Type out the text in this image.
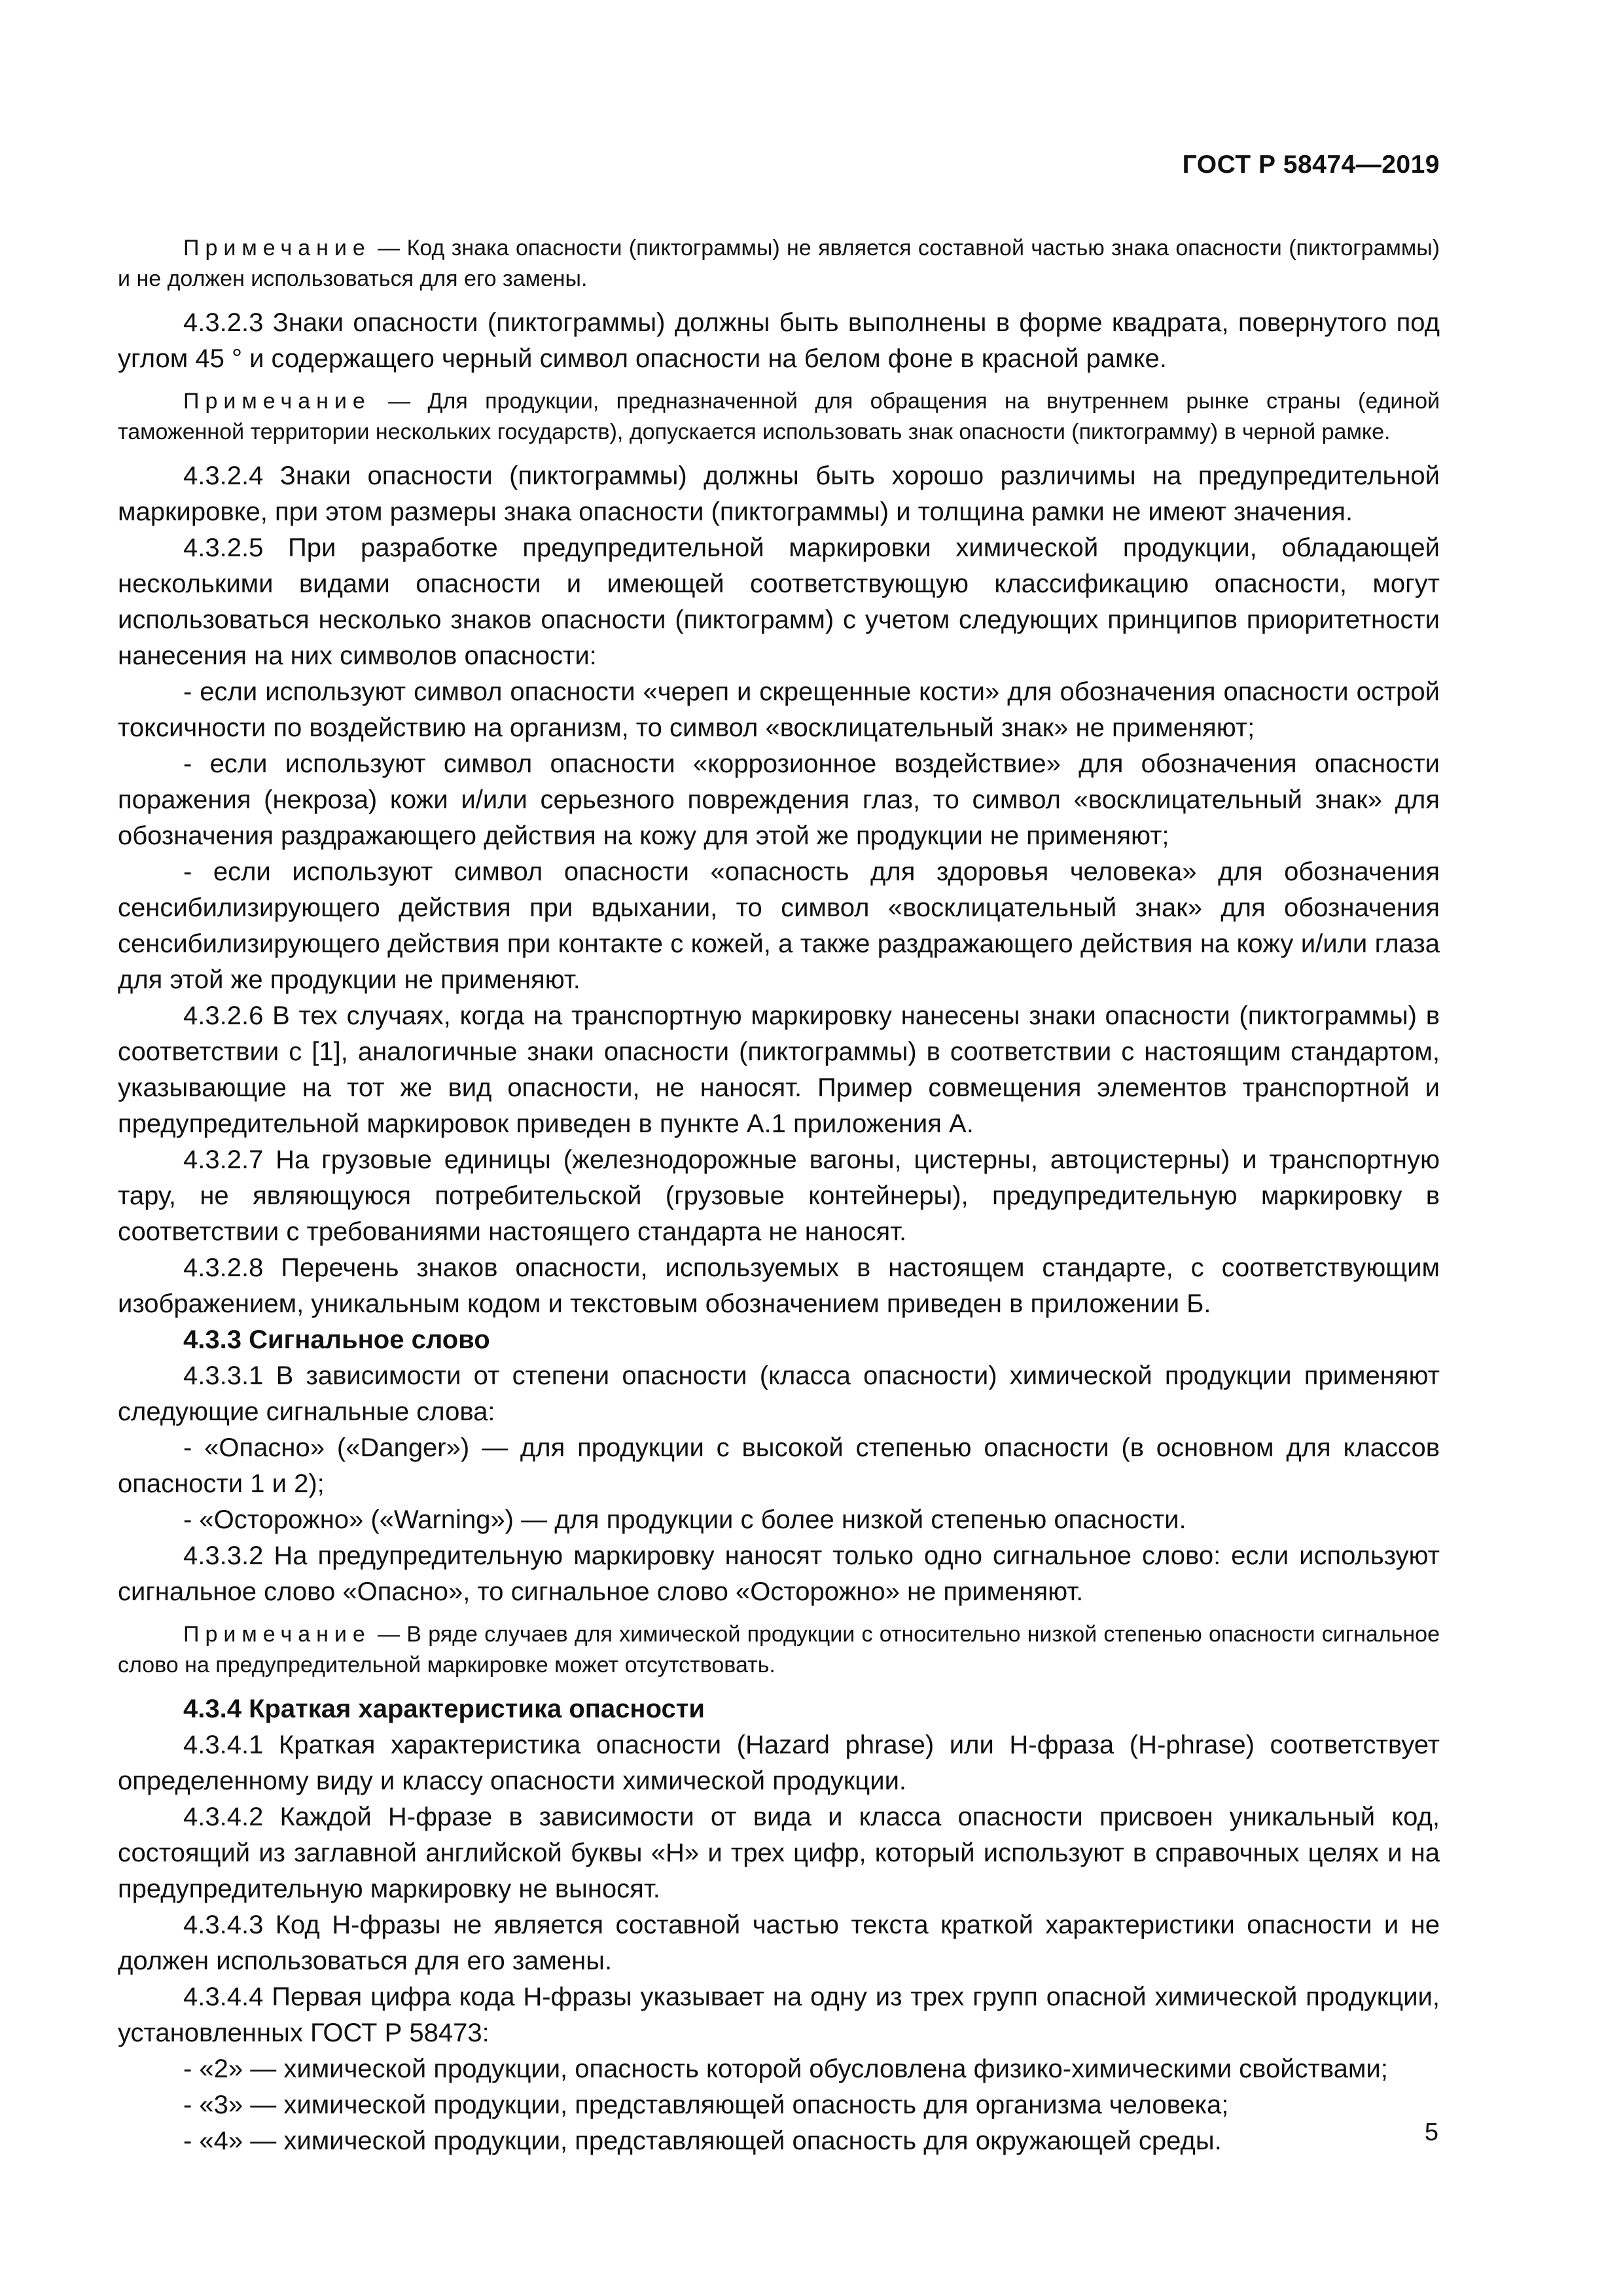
ГОСТ Р 58474—2019

Примечание — Код знака опасности (пиктограммы) не является составной частью знака опасности (пиктограммы) и не должен использоваться для его замены.

4.3.2.3 Знаки опасности (пиктограммы) должны быть выполнены в форме квадрата, повернутого под углом 45 ° и содержащего черный символ опасности на белом фоне в красной рамке.

Примечание — Для продукции, предназначенной для обращения на внутреннем рынке страны (единой таможенной территории нескольких государств), допускается использовать знак опасности (пиктограмму) в черной рамке.

4.3.2.4 Знаки опасности (пиктограммы) должны быть хорошо различимы на предупредительной маркировке, при этом размеры знака опасности (пиктограммы) и толщина рамки не имеют значения.

4.3.2.5 При разработке предупредительной маркировки химической продукции, обладающей несколькими видами опасности и имеющей соответствующую классификацию опасности, могут использоваться несколько знаков опасности (пиктограмм) с учетом следующих принципов приоритетности нанесения на них символов опасности:

- если используют символ опасности «череп и скрещенные кости» для обозначения опасности острой токсичности по воздействию на организм, то символ «восклицательный знак» не применяют;

- если используют символ опасности «коррозионное воздействие» для обозначения опасности поражения (некроза) кожи и/или серьезного повреждения глаз, то символ «восклицательный знак» для обозначения раздражающего действия на кожу для этой же продукции не применяют;

- если используют символ опасности «опасность для здоровья человека» для обозначения сенсибилизирующего действия при вдыхании, то символ «восклицательный знак» для обозначения сенсибилизирующего действия при контакте с кожей, а также раздражающего действия на кожу и/или глаза для этой же продукции не применяют.

4.3.2.6 В тех случаях, когда на транспортную маркировку нанесены знаки опасности (пиктограммы) в соответствии с [1], аналогичные знаки опасности (пиктограммы) в соответствии с настоящим стандартом, указывающие на тот же вид опасности, не наносят. Пример совмещения элементов транспортной и предупредительной маркировок приведен в пункте А.1 приложения А.

4.3.2.7 На грузовые единицы (железнодорожные вагоны, цистерны, автоцистерны) и транспортную тару, не являющуюся потребительской (грузовые контейнеры), предупредительную маркировку в соответствии с требованиями настоящего стандарта не наносят.

4.3.2.8 Перечень знаков опасности, используемых в настоящем стандарте, с соответствующим изображением, уникальным кодом и текстовым обозначением приведен в приложении Б.

4.3.3 Сигнальное слово

4.3.3.1 В зависимости от степени опасности (класса опасности) химической продукции применяют следующие сигнальные слова:

- «Опасно» («Danger») — для продукции с высокой степенью опасности (в основном для классов опасности 1 и 2);

- «Осторожно» («Warning») — для продукции с более низкой степенью опасности.

4.3.3.2 На предупредительную маркировку наносят только одно сигнальное слово: если используют сигнальное слово «Опасно», то сигнальное слово «Осторожно» не применяют.

Примечание — В ряде случаев для химической продукции с относительно низкой степенью опасности сигнальное слово на предупредительной маркировке может отсутствовать.

4.3.4 Краткая характеристика опасности

4.3.4.1 Краткая характеристика опасности (Hazard phrase) или Н-фраза (H-phrase) соответствует определенному виду и классу опасности химической продукции.

4.3.4.2 Каждой Н-фразе в зависимости от вида и класса опасности присвоен уникальный код, состоящий из заглавной английской буквы «Н» и трех цифр, который используют в справочных целях и на предупредительную маркировку не выносят.

4.3.4.3 Код Н-фразы не является составной частью текста краткой характеристики опасности и не должен использоваться для его замены.

4.3.4.4 Первая цифра кода Н-фразы указывает на одну из трех групп опасной химической продукции, установленных ГОСТ Р 58473:

- «2» — химической продукции, опасность которой обусловлена физико-химическими свойствами;

- «3» — химической продукции, представляющей опасность для организма человека;

- «4» — химической продукции, представляющей опасность для окружающей среды.	5
